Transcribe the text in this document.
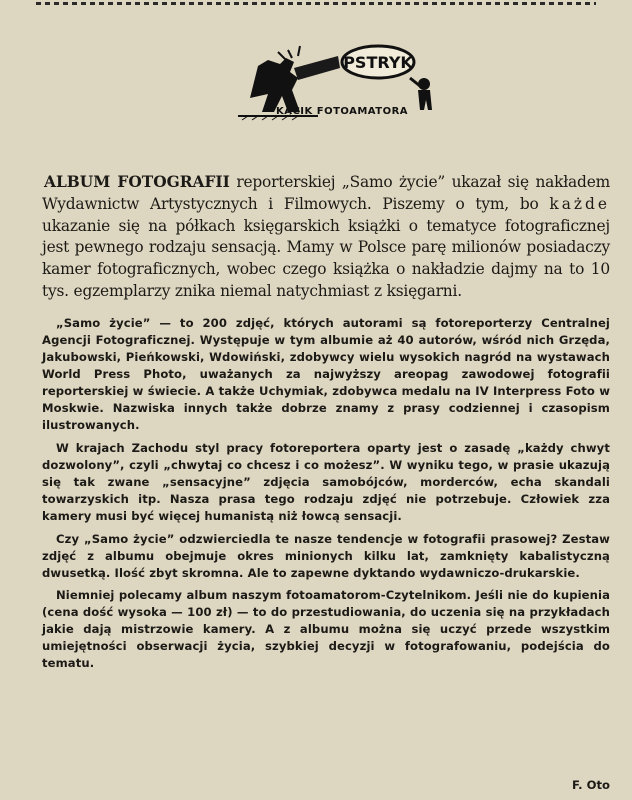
PSTRYK
KĄCIK FOTOAMATORA

ALBUM FOTOGRAFII reporterskiej „Samo życie” ukazał się nakładem Wydawnictw Artystycznych i Filmowych. Piszemy o tym, bo każde ukazanie się na półkach księgarskich książki o tematyce fotograficznej jest pewnego rodzaju sensacją. Mamy w Polsce parę milionów posiadaczy kamer fotograficznych, wobec czego książka o nakładzie dajmy na to 10 tys. egzemplarzy znika niemal natychmiast z księgarni.

„Samo życie” — to 200 zdjęć, których autorami są fotoreporterzy Centralnej Agencji Fotograficznej. Występuje w tym albumie aż 40 autorów, wśród nich Grzęda, Jakubowski, Pieńkowski, Wdowiński, zdobywcy wielu wysokich nagród na wystawach World Press Photo, uważanych za najwyższy areopag zawodowej fotografii reporterskiej w świecie. A także Uchymiak, zdobywca medalu na IV Interpress Foto w Moskwie. Nazwiska innych także dobrze znamy z prasy codziennej i czasopism ilustrowanych.

W krajach Zachodu styl pracy fotoreportera oparty jest o zasadę „każdy chwyt dozwolony”, czyli „chwytaj co chcesz i co możesz”. W wyniku tego, w prasie ukazują się tak zwane „sensacyjne” zdjęcia samobójców, morderców, echa skandali towarzyskich itp. Nasza prasa tego rodzaju zdjęć nie potrzebuje. Człowiek zza kamery musi być więcej humanistą niż łowcą sensacji.

Czy „Samo życie” odzwierciedla te nasze tendencje w fotografii prasowej? Zestaw zdjęć z albumu obejmuje okres minionych kilku lat, zamknięty kabalistyczną dwusetką. Ilość zbyt skromna. Ale to zapewne dyktando wydawniczo-drukarskie.

Niemniej polecamy album naszym fotoamatorom-Czytelnikom. Jeśli nie do kupienia (cena dość wysoka — 100 zł) — to do przestudiowania, do uczenia się na przykładach jakie dają mistrzowie kamery. A z albumu można się uczyć przede wszystkim umiejętności obserwacji życia, szybkiej decyzji w fotografowaniu, podejścia do tematu.

F. Oto
